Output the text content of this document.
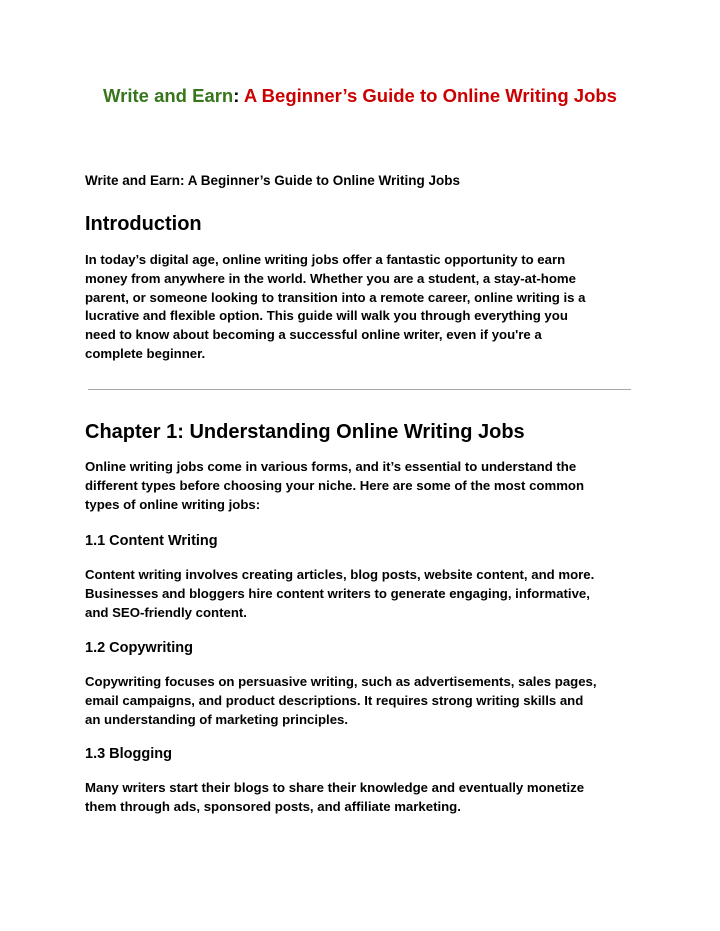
Write and Earn: A Beginner’s Guide to Online Writing Jobs
Write and Earn: A Beginner’s Guide to Online Writing Jobs
Introduction
In today’s digital age, online writing jobs offer a fantastic opportunity to earn
money from anywhere in the world. Whether you are a student, a stay-at-home
parent, or someone looking to transition into a remote career, online writing is a
lucrative and flexible option. This guide will walk you through everything you
need to know about becoming a successful online writer, even if you're a
complete beginner.
Chapter 1: Understanding Online Writing Jobs
Online writing jobs come in various forms, and it’s essential to understand the
different types before choosing your niche. Here are some of the most common
types of online writing jobs:
1.1 Content Writing
Content writing involves creating articles, blog posts, website content, and more.
Businesses and bloggers hire content writers to generate engaging, informative,
and SEO-friendly content.
1.2 Copywriting
Copywriting focuses on persuasive writing, such as advertisements, sales pages,
email campaigns, and product descriptions. It requires strong writing skills and
an understanding of marketing principles.
1.3 Blogging
Many writers start their blogs to share their knowledge and eventually monetize
them through ads, sponsored posts, and affiliate marketing.
